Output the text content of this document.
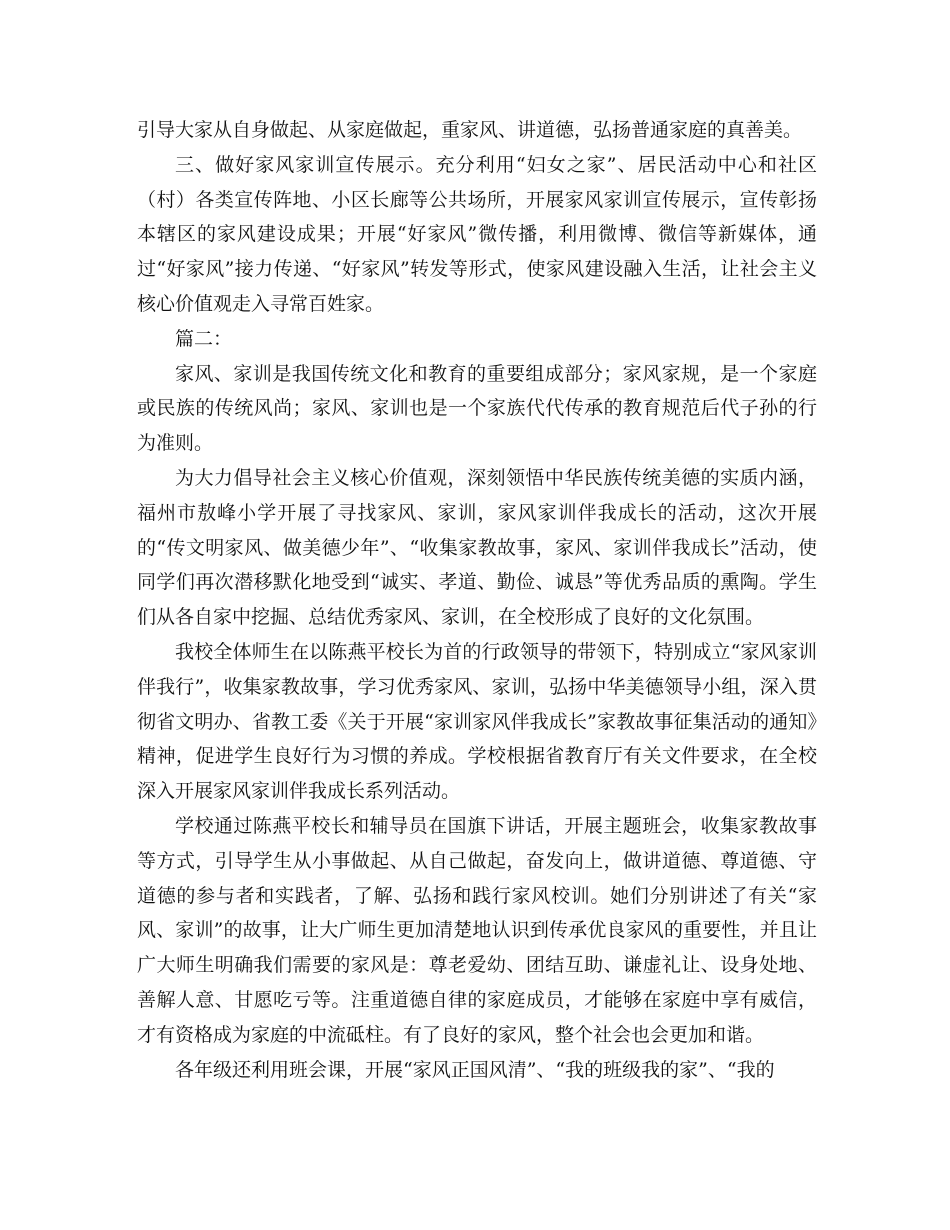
引导大家从自身做起、从家庭做起，重家风、讲道德，弘扬普通家庭的真善美。

三、做好家风家训宣传展示。充分利用“妇女之家”、居民活动中心和社区（村）各类宣传阵地、小区长廊等公共场所，开展家风家训宣传展示，宣传彰扬本辖区的家风建设成果；开展“好家风”微传播，利用微博、微信等新媒体，通过“好家风”接力传递、“好家风”转发等形式，使家风建设融入生活，让社会主义核心价值观走入寻常百姓家。

篇二：

家风、家训是我国传统文化和教育的重要组成部分；家风家规，是一个家庭或民族的传统风尚；家风、家训也是一个家族代代传承的教育规范后代子孙的行为准则。

为大力倡导社会主义核心价值观，深刻领悟中华民族传统美德的实质内涵，福州市敖峰小学开展了寻找家风、家训，家风家训伴我成长的活动，这次开展的“传文明家风、做美德少年”、“收集家教故事，家风、家训伴我成长”活动，使同学们再次潜移默化地受到“诚实、孝道、勤俭、诚恳”等优秀品质的熏陶。学生们从各自家中挖掘、总结优秀家风、家训，在全校形成了良好的文化氛围。

我校全体师生在以陈燕平校长为首的行政领导的带领下，特别成立“家风家训伴我行”，收集家教故事，学习优秀家风、家训，弘扬中华美德领导小组，深入贯彻省文明办、省教工委《关于开展“家训家风伴我成长”家教故事征集活动的通知》精神，促进学生良好行为习惯的养成。学校根据省教育厅有关文件要求，在全校深入开展家风家训伴我成长系列活动。

学校通过陈燕平校长和辅导员在国旗下讲话，开展主题班会，收集家教故事等方式，引导学生从小事做起、从自己做起，奋发向上，做讲道德、尊道德、守道德的参与者和实践者，了解、弘扬和践行家风校训。她们分别讲述了有关“家风、家训”的故事，让大广师生更加清楚地认识到传承优良家风的重要性，并且让广大师生明确我们需要的家风是：尊老爱幼、团结互助、谦虚礼让、设身处地、善解人意、甘愿吃亏等。注重道德自律的家庭成员，才能够在家庭中享有威信，才有资格成为家庭的中流砥柱。有了良好的家风，整个社会也会更加和谐。

各年级还利用班会课，开展“家风正国风清”、“我的班级我的家”、“我的
